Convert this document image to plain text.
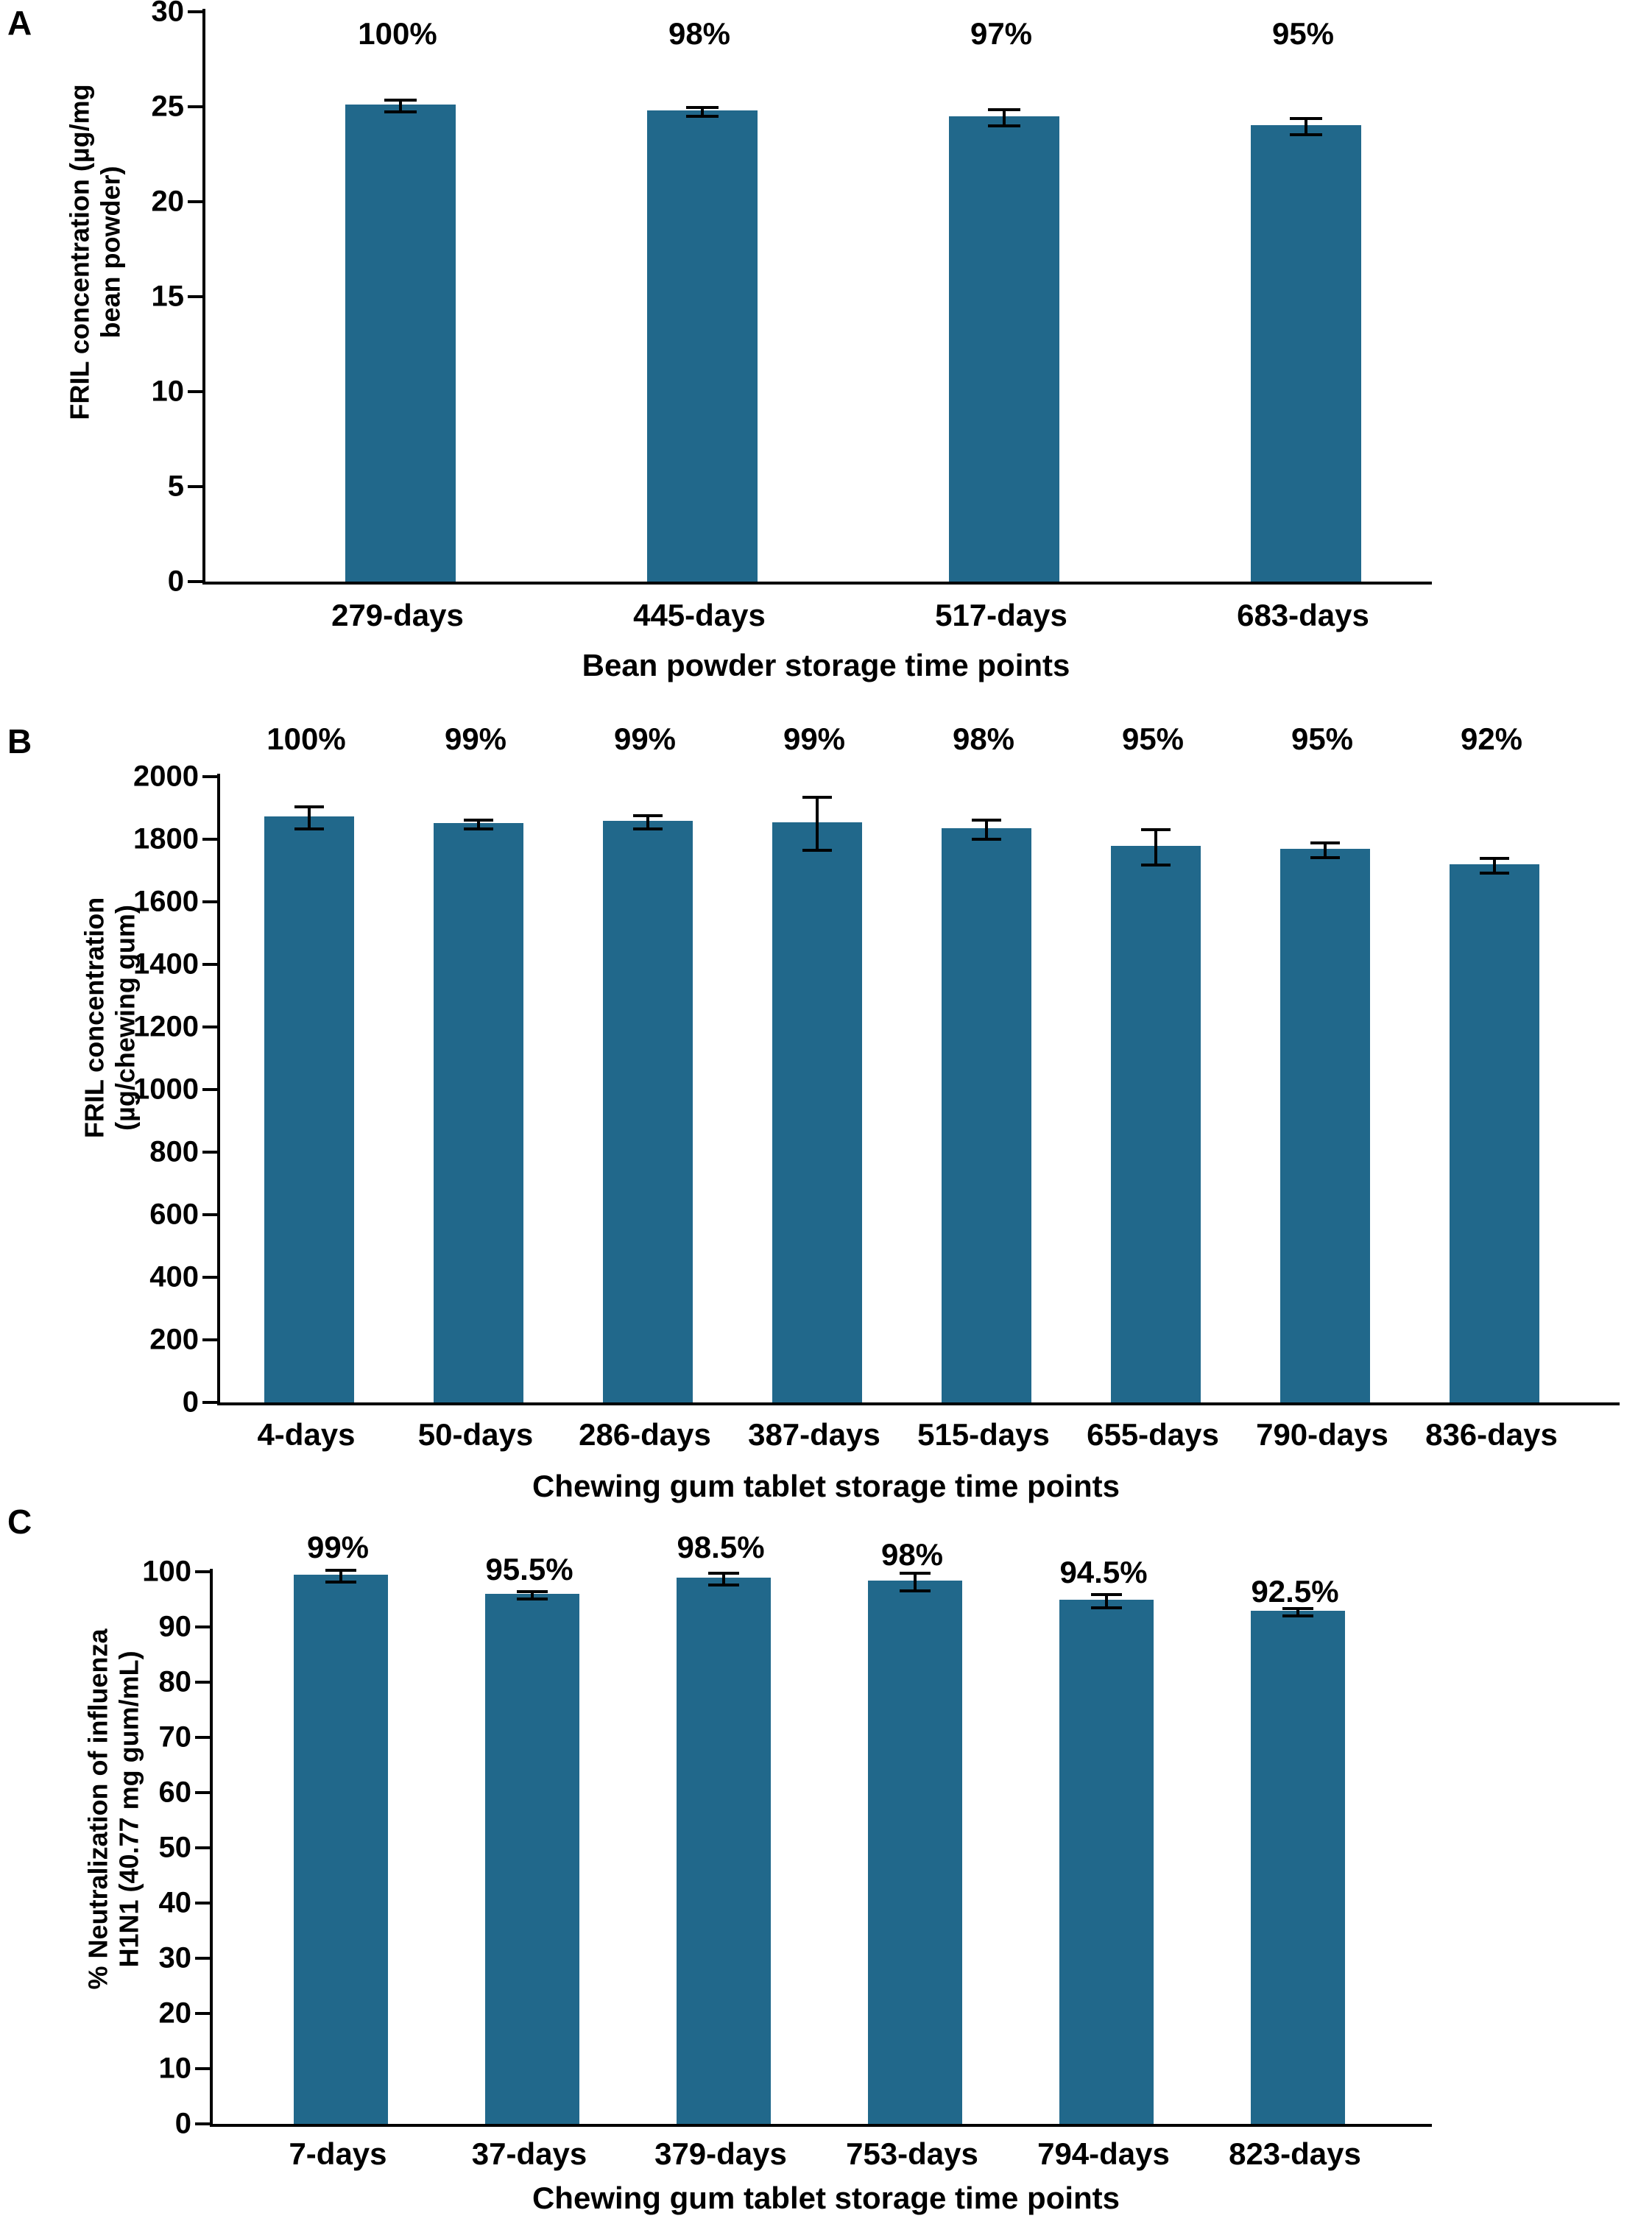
A
FRIL concentration (µg/mg
bean powder)
0
5
10
15
20
25
30
100%	98%	97%	95%
279-days	445-days	517-days	683-days
Bean powder storage time points
B
FRIL concentration
(µg/chewing gum)
0
200
400
600
800
1000
1200
1400
1600
1800
2000
100%	99%	99%	99%	98%	95%	95%	92%
4-days	50-days	286-days	387-days	515-days	655-days	790-days	836-days
Chewing gum tablet storage time points
C
% Neutralization of influenza
H1N1 (40.77 mg gum/mL)
0
10
20
30
40
50
60
70
80
90
100
99%
95.5%
98.5%	98%
94.5%
92.5%
7-days	37-days	379-days	753-days	794-days	823-days
Chewing gum tablet storage time points
